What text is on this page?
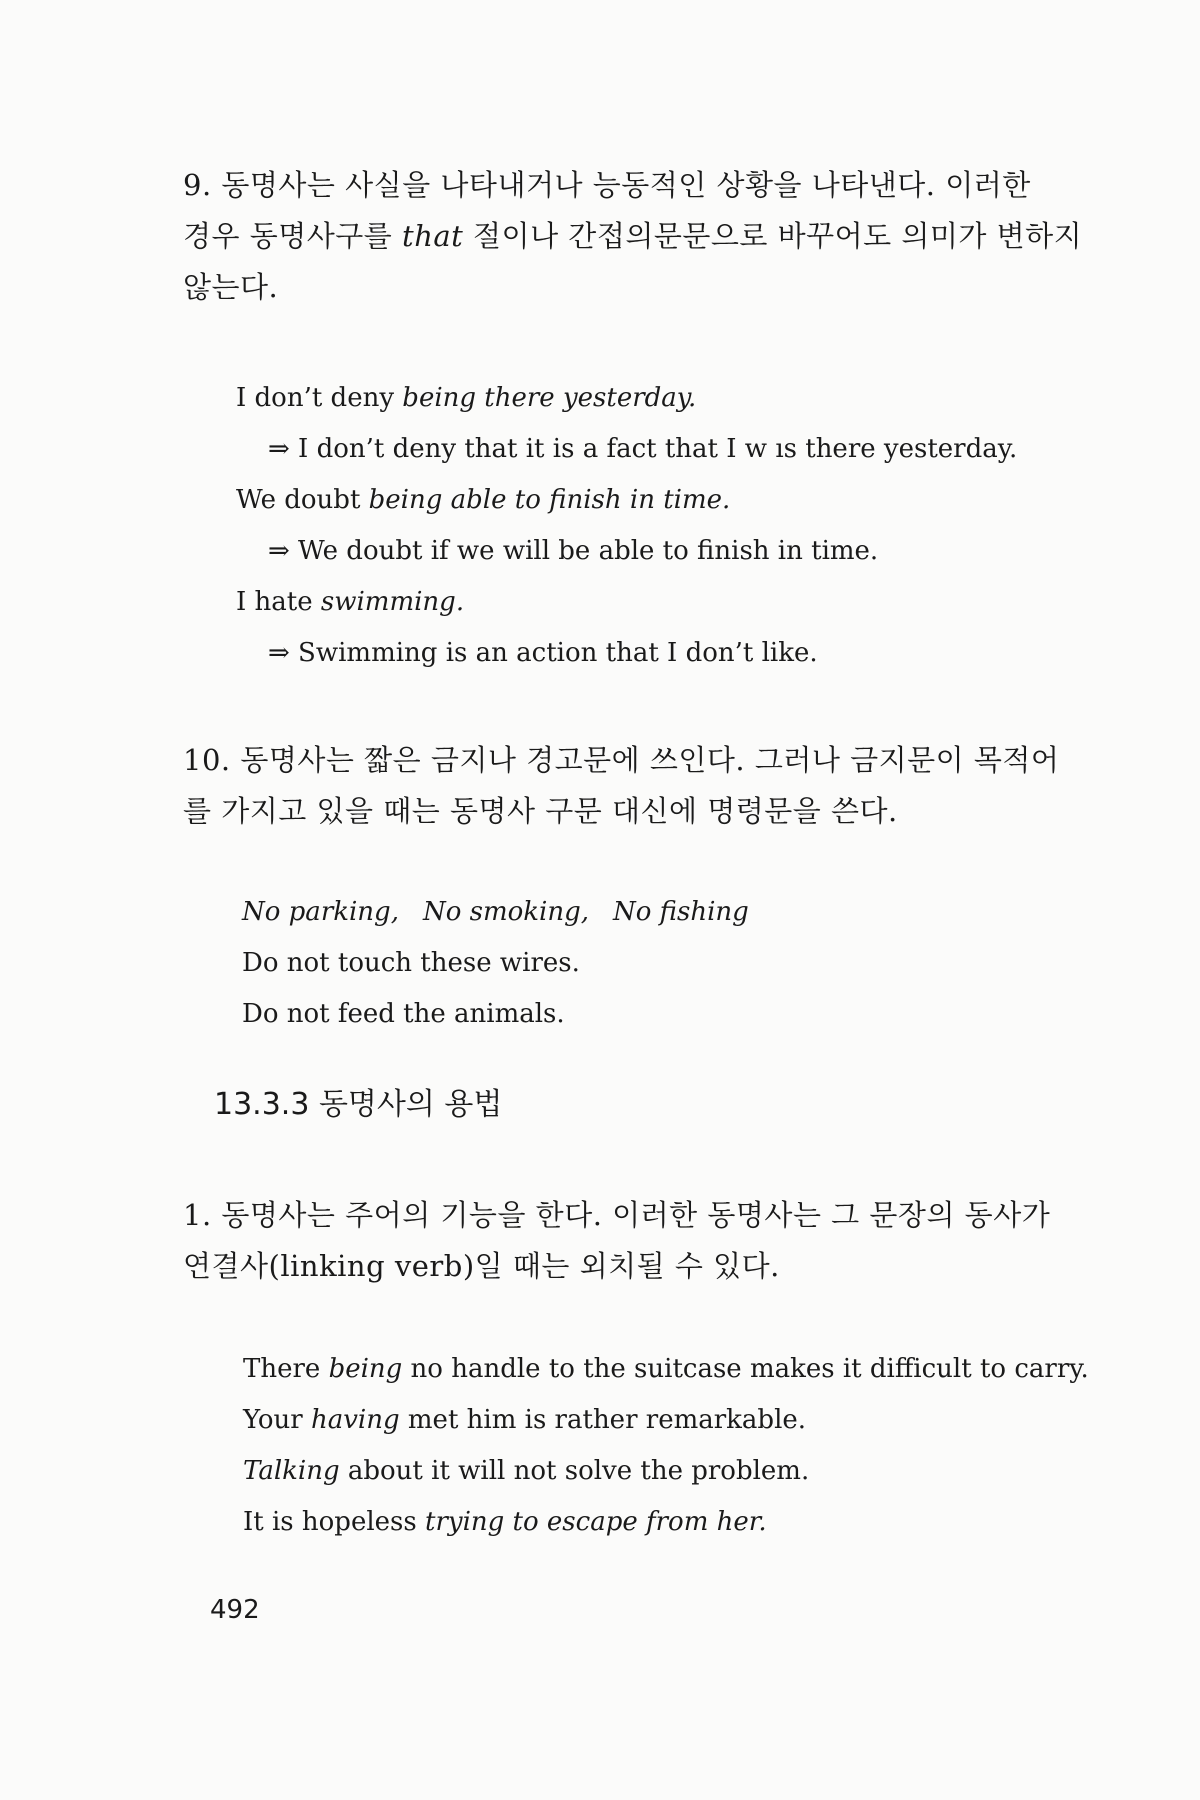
9. 동명사는 사실을 나타내거나 능동적인 상황을 나타낸다. 이러한
경우 동명사구를 that 절이나 간접의문문으로 바꾸어도 의미가 변하지
않는다.

I don’t deny being there yesterday.
⇒ I don’t deny that it is a fact that I w ıs there yesterday.
We doubt being able to finish in time.
⇒ We doubt if we will be able to finish in time.
I hate swimming.
⇒ Swimming is an action that I don’t like.

10. 동명사는 짧은 금지나 경고문에 쓰인다. 그러나 금지문이 목적어
를 가지고 있을 때는 동명사 구문 대신에 명령문을 쓴다.

No parking, No smoking, No fishing
Do not touch these wires.
Do not feed the animals.
13.3.3 동명사의 용법

1. 동명사는 주어의 기능을 한다. 이러한 동명사는 그 문장의 동사가
연결사(linking verb)일 때는 외치될 수 있다.

There being no handle to the suitcase makes it difficult to carry.
Your having met him is rather remarkable.
Talking about it will not solve the problem.
It is hopeless trying to escape from her.
492
